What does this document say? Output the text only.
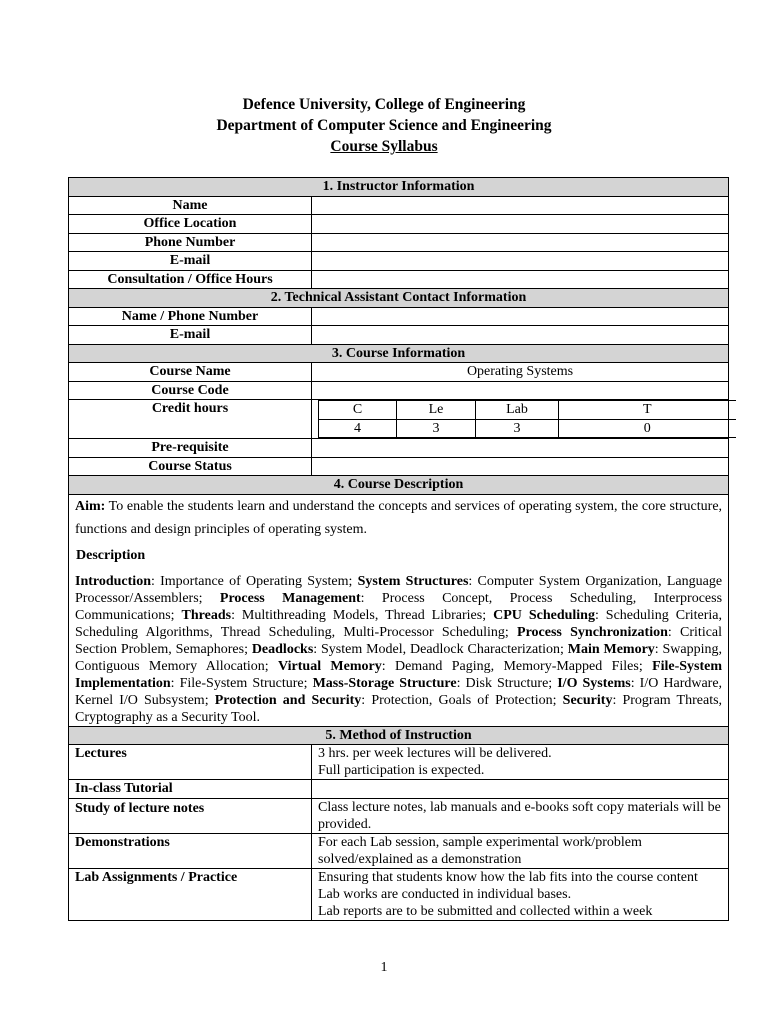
Defence University, College of Engineering
Department of Computer Science and Engineering
Course Syllabus
1. Instructor Information
Name	
Office Location	
Phone Number	
E-mail	
Consultation / Office Hours	
2. Technical Assistant Contact Information
Name / Phone Number	
E-mail	
3. Course Information
Course Name	Operating Systems
Course Code	
Credit hours		C	Le	Lab	T
4	3	3	0

Pre-requisite	
Course Status	
4. Course Description

Aim: To enable the students learn and understand the concepts and services of operating system, the core structure, functions and design principles of operating system.

Description

Introduction: Importance of Operating System; System Structures: Computer System Organization, Language Processor/Assemblers; Process Management: Process Concept, Process Scheduling, Interprocess Communications; Threads: Multithreading Models, Thread Libraries; CPU Scheduling: Scheduling Criteria, Scheduling Algorithms, Thread Scheduling, Multi-Processor Scheduling; Process Synchronization: Critical Section Problem, Semaphores; Deadlocks: System Model, Deadlock Characterization; Main Memory: Swapping, Contiguous Memory Allocation; Virtual Memory: Demand Paging, Memory-Mapped Files; File-System Implementation: File-System Structure; Mass-Storage Structure: Disk Structure; I/O Systems: I/O Hardware, Kernel I/O Subsystem; Protection and Security: Protection, Goals of Protection; Security: Program Threats, Cryptography as a Security Tool.

5. Method of Instruction
Lectures	3 hrs. per week lectures will be delivered.
Full participation is expected.

In-class Tutorial	
Study of lecture notes	Class lecture notes, lab manuals and e-books soft copy materials will be provided.
Demonstrations	For each Lab session, sample experimental work/problem solved/explained as a demonstration
Lab Assignments / Practice	Ensuring that students know how the lab fits into the course content
Lab works are conducted in individual bases.
Lab reports are to be submitted and collected within a week
1
